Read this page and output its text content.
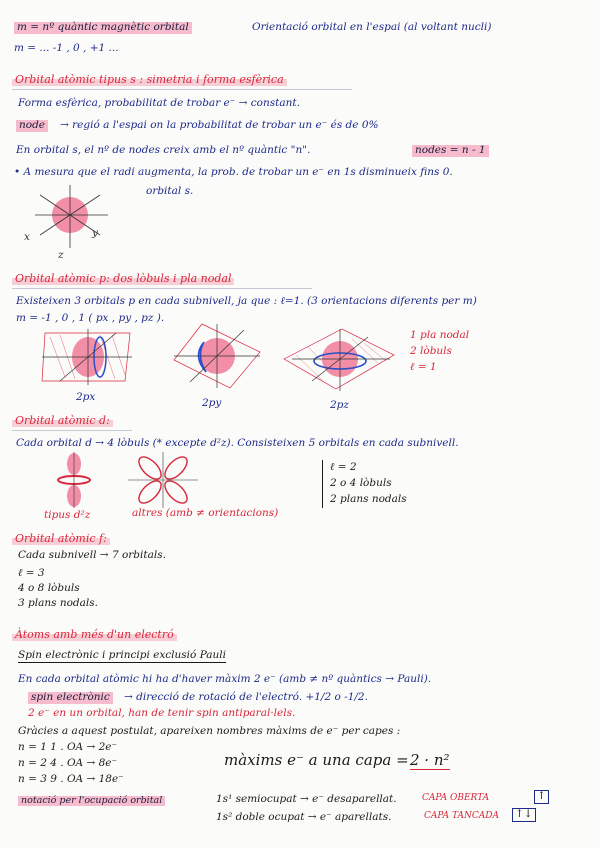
m = nº quàntic magnètic orbital	Orientació orbital en l'espai (al voltant nucli)
m = ... -1 , 0 , +1 ...
Orbital atòmic tipus s : simetria i forma esfèrica
Forma esfèrica, probabilitat de trobar e⁻ → constant.
node → regió a l'espai on la probabilitat de trobar un e⁻ és de 0%
En orbital s, el nº de nodes creix amb el nº quàntic "n".	nodes = n - 1
• A mesura que el radi augmenta, la prob. de trobar un e⁻ en 1s disminueix fins 0.
orbital s.
x	y
z
Orbital atòmic p: dos lòbuls i pla nodal
Existeixen 3 orbitals p en cada subnivell, ja que : ℓ=1. (3 orientacions diferents per m)
m = -1 , 0 , 1 ( px , py , pz ).
2px	2py	2pz
1 pla nodal
2 lòbuls
ℓ = 1
Orbital atòmic d:
Cada orbital d → 4 lòbuls (* excepte d²z). Consisteixen 5 orbitals en cada subnivell.
tipus d²z	altres (amb ≠ orientacions)
ℓ = 2
2 o 4 lòbuls
2 plans nodals
Orbital atòmic f:
Cada subnivell → 7 orbitals.
ℓ = 3
4 o 8 lòbuls
3 plans nodals.
Àtoms amb més d'un electró
Spin electrònic i principi exclusió Pauli
En cada orbital atòmic hi ha d'haver màxim 2 e⁻ (amb ≠ nº quàntics → Pauli).
spin electrònic → direcció de rotació de l'electró. +1/2 o -1/2.
2 e⁻ en un orbital, han de tenir spin antiparal·lels.
Gràcies a aquest postulat, apareixen nombres màxims de e⁻ per capes :
n = 1 1 . OA → 2e⁻
n = 2 4 . OA → 8e⁻
n = 3 9 . OA → 18e⁻
màxims e⁻ a una capa = 2 · n²
notació per l'ocupació orbital	1s¹ semiocupat → e⁻ desaparellat.	CAPA OBERTA	↑
1s² doble ocupat → e⁻ aparellats.	CAPA TANCADA ↑↓
